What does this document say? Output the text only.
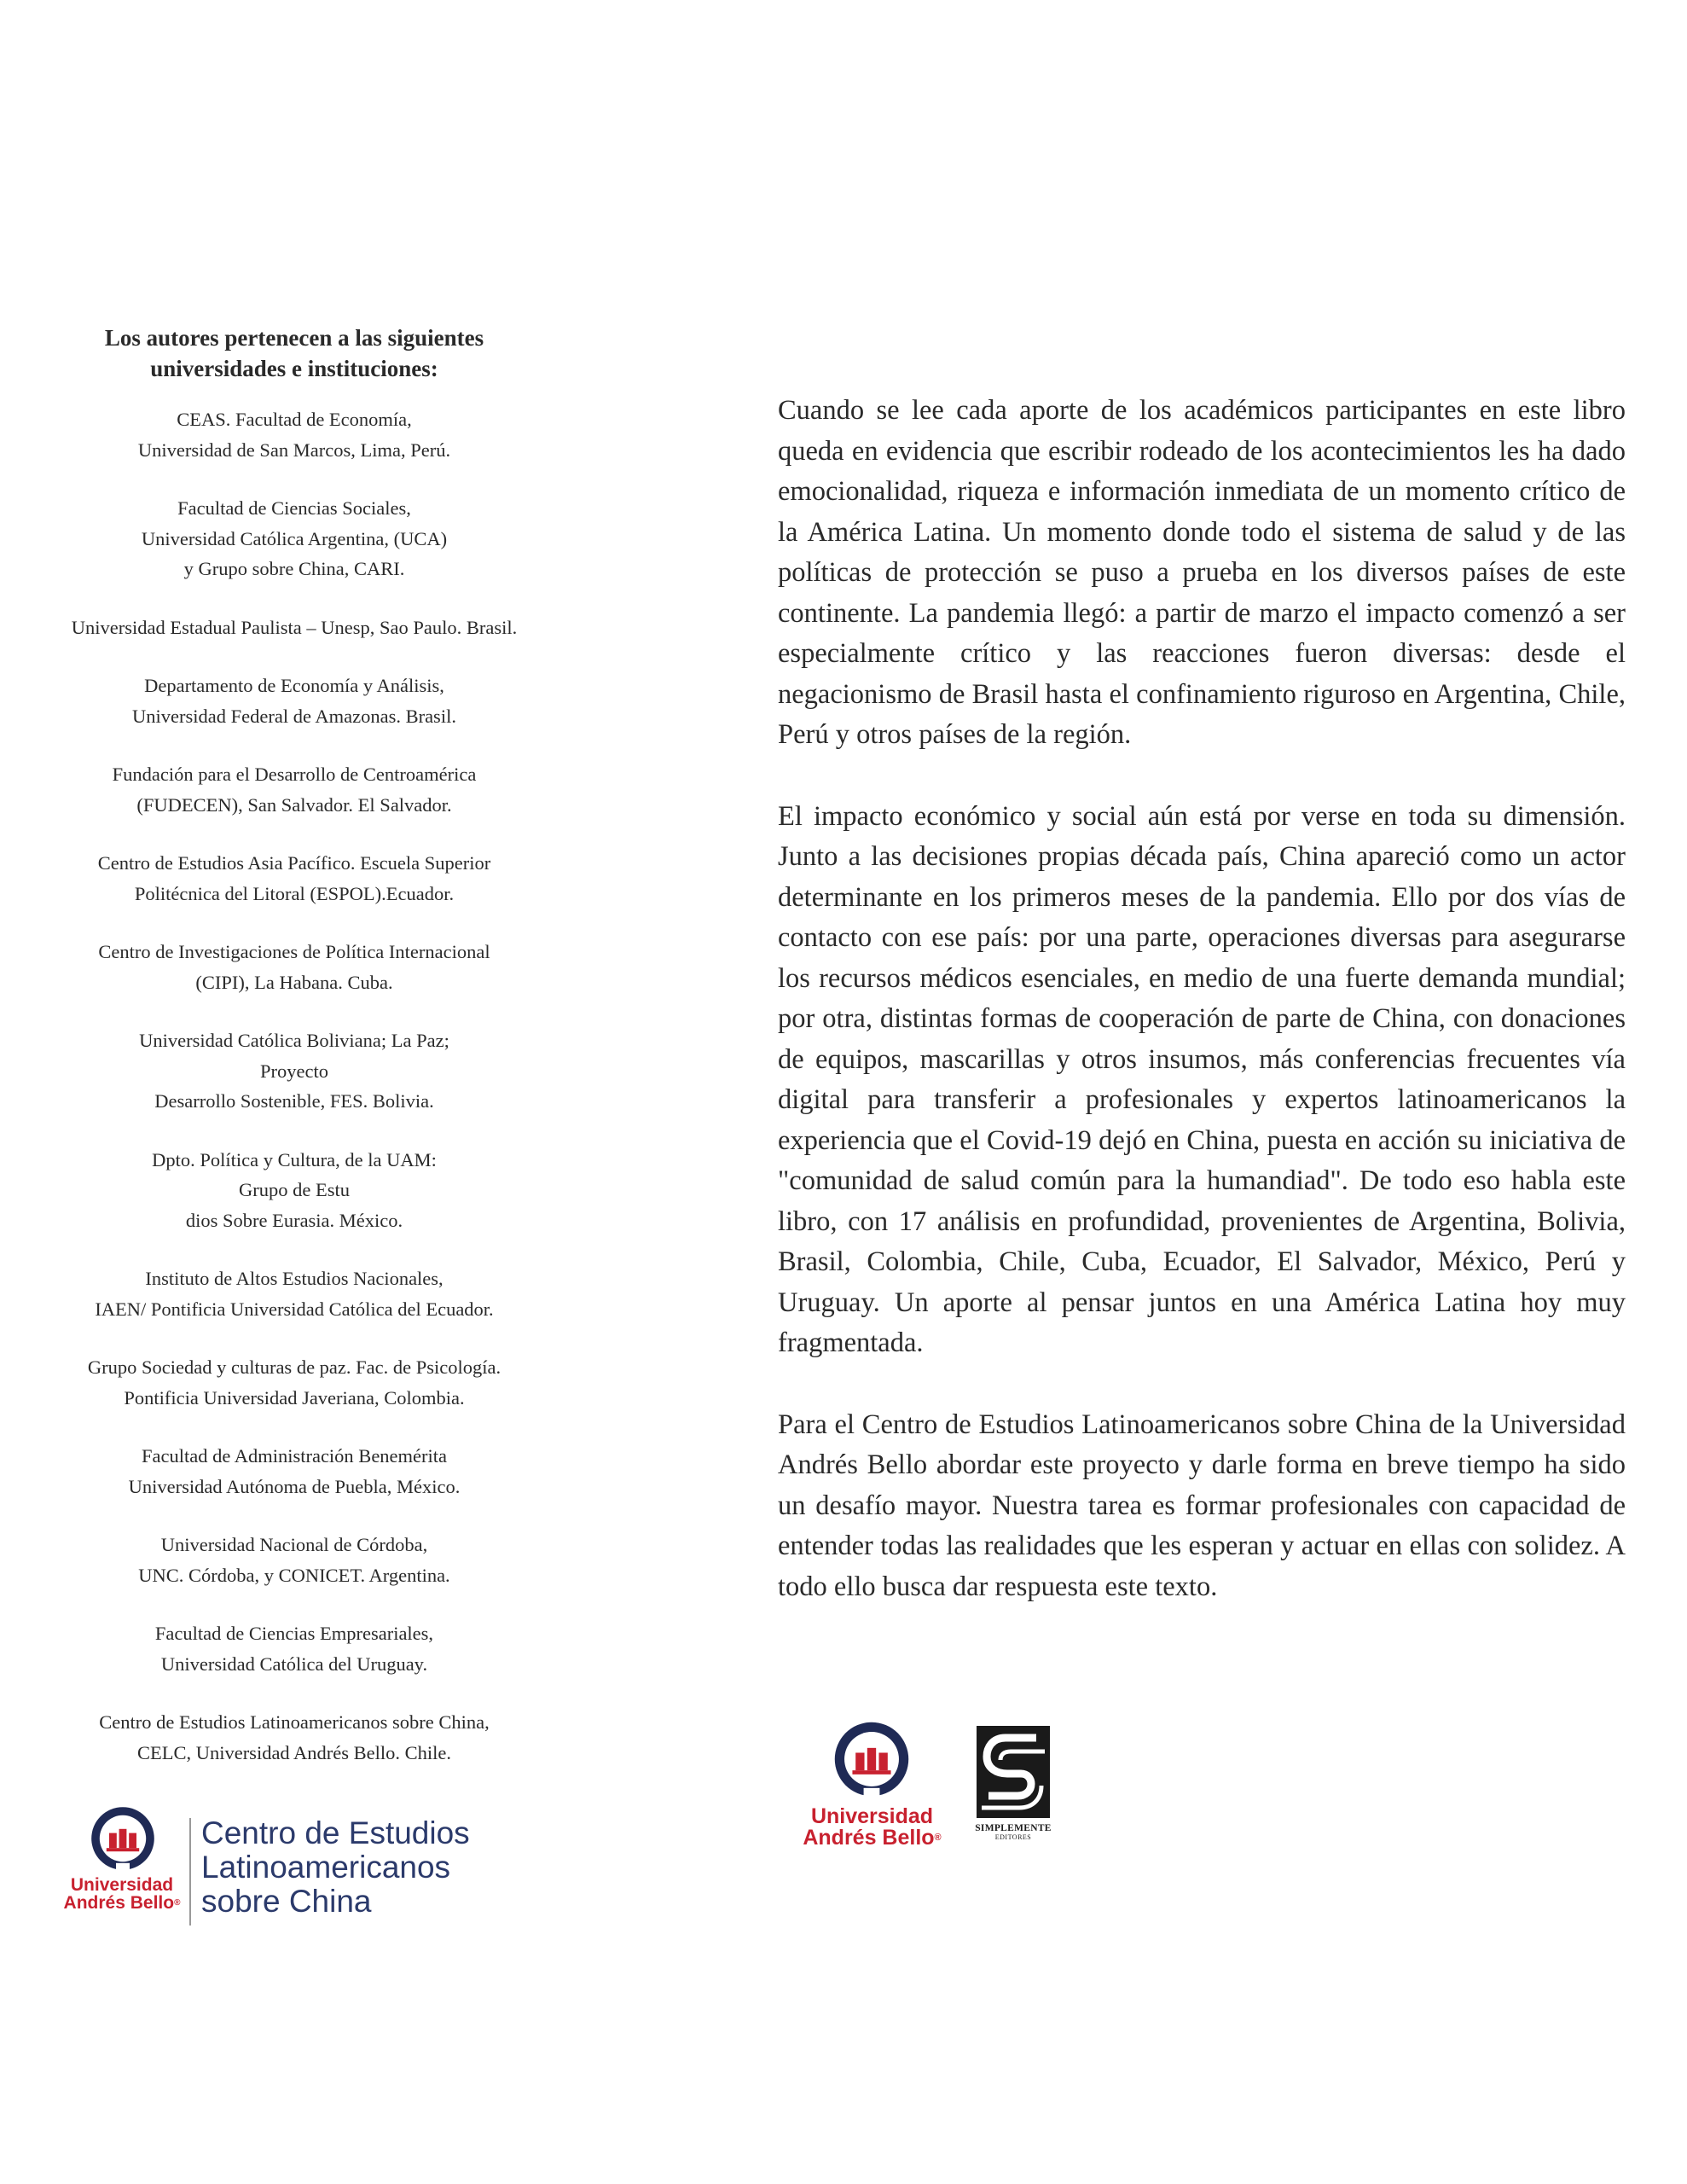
Los autores pertenecen a las siguientes
universidades e instituciones:
CEAS. Facultad de Economía,
Universidad de San Marcos, Lima, Perú.
Facultad de Ciencias Sociales,
Universidad Católica Argentina, (UCA)
y Grupo sobre China, CARI.
Universidad Estadual Paulista – Unesp, Sao Paulo. Brasil.
Departamento de Economía y Análisis,
Universidad Federal de Amazonas. Brasil.
Fundación para el Desarrollo de Centroamérica
(FUDECEN), San Salvador. El Salvador.
Centro de Estudios Asia Pacífico. Escuela Superior
Politécnica del Litoral (ESPOL).Ecuador.
Centro de Investigaciones de Política Internacional
(CIPI), La Habana. Cuba.
Universidad Católica Boliviana; La Paz;
Proyecto
Desarrollo Sostenible, FES. Bolivia.
Dpto. Política y Cultura, de la UAM:
Grupo de Estu
dios Sobre Eurasia. México.
Instituto de Altos Estudios Nacionales,
IAEN/ Pontificia Universidad Católica del Ecuador.
Grupo Sociedad y culturas de paz. Fac. de Psicología.
Pontificia Universidad Javeriana, Colombia.
Facultad de Administración Benemérita
Universidad Autónoma de Puebla, México.
Universidad Nacional de Córdoba,
UNC. Córdoba, y CONICET. Argentina.
Facultad de Ciencias Empresariales,
Universidad Católica del Uruguay.
Centro de Estudios Latinoamericanos sobre China,
CELC, Universidad Andrés Bello. Chile.

Cuando se lee cada aporte de los académicos participantes en este libro queda en evidencia que escribir rodeado de los acontecimientos les ha dado emocionalidad, riqueza e información inmediata de un momento crítico de la América Latina. Un momento donde todo el sistema de salud y de las políticas de protección se puso a prueba en los diversos países de este continente. La pandemia llegó: a partir de marzo el impacto comenzó a ser especialmente crítico y las reacciones fueron diversas: desde el negacionismo de Brasil hasta el confinamiento riguroso en Argentina, Chile, Perú y otros países de la región.

El impacto económico y social aún está por verse en toda su dimensión. Junto a las decisiones propias década país, China apareció como un actor determinante en los primeros meses de la pandemia. Ello por dos vías de contacto con ese país: por una parte, operaciones diversas para asegurarse los recursos médicos esenciales, en medio de una fuerte demanda mundial; por otra, distintas formas de cooperación de parte de China, con donaciones de equipos, mascarillas y otros insumos, más conferencias frecuentes vía digital para transferir a profesionales y expertos latinoamericanos la experiencia que el Covid-19 dejó en China, puesta en acción su iniciativa de "comunidad de salud común para la humandiad". De todo eso habla este libro, con 17 análisis en profundidad, provenientes de Argentina, Bolivia, Brasil, Colombia, Chile, Cuba, Ecuador, El Salvador, México, Perú y Uruguay. Un aporte al pensar juntos en una América Latina hoy muy fragmentada.

Para el Centro de Estudios Latinoamericanos sobre China de la Universidad Andrés Bello abordar este proyecto y darle forma en breve tiempo ha sido un desafío mayor. Nuestra tarea es formar profesionales con capacidad de entender todas las realidades que les esperan y actuar en ellas con solidez. A todo ello busca dar respuesta este texto.

Universidad
Andrés Bello®
Centro de Estudios
Latinoamericanos
sobre China
Universidad
Andrés Bello®
SIMPLEMENTE
EDITORES
